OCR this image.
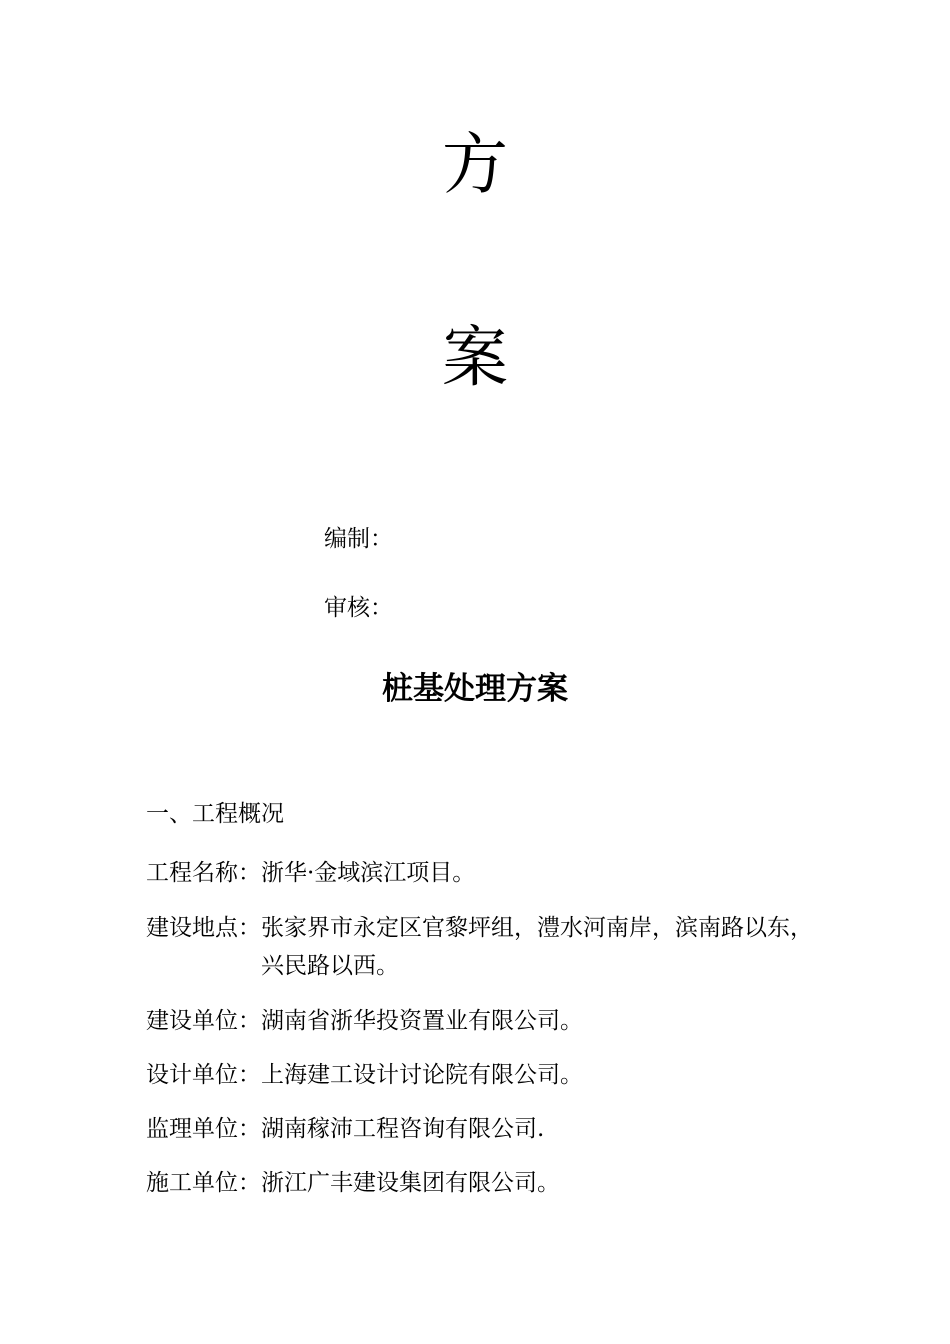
方
案
编制：
审核：
桩基处理方案
一、工程概况
工程名称： 浙华·金域滨江项目。
建设地点： 张家界市永定区官黎坪组，澧水河南岸，滨南路以东，兴民路以西。
建设单位： 湖南省浙华投资置业有限公司。
设计单位： 上海建工设计讨论院有限公司。
监理单位： 湖南稼沛工程咨询有限公司.
施工单位： 浙江广丰建设集团有限公司。
